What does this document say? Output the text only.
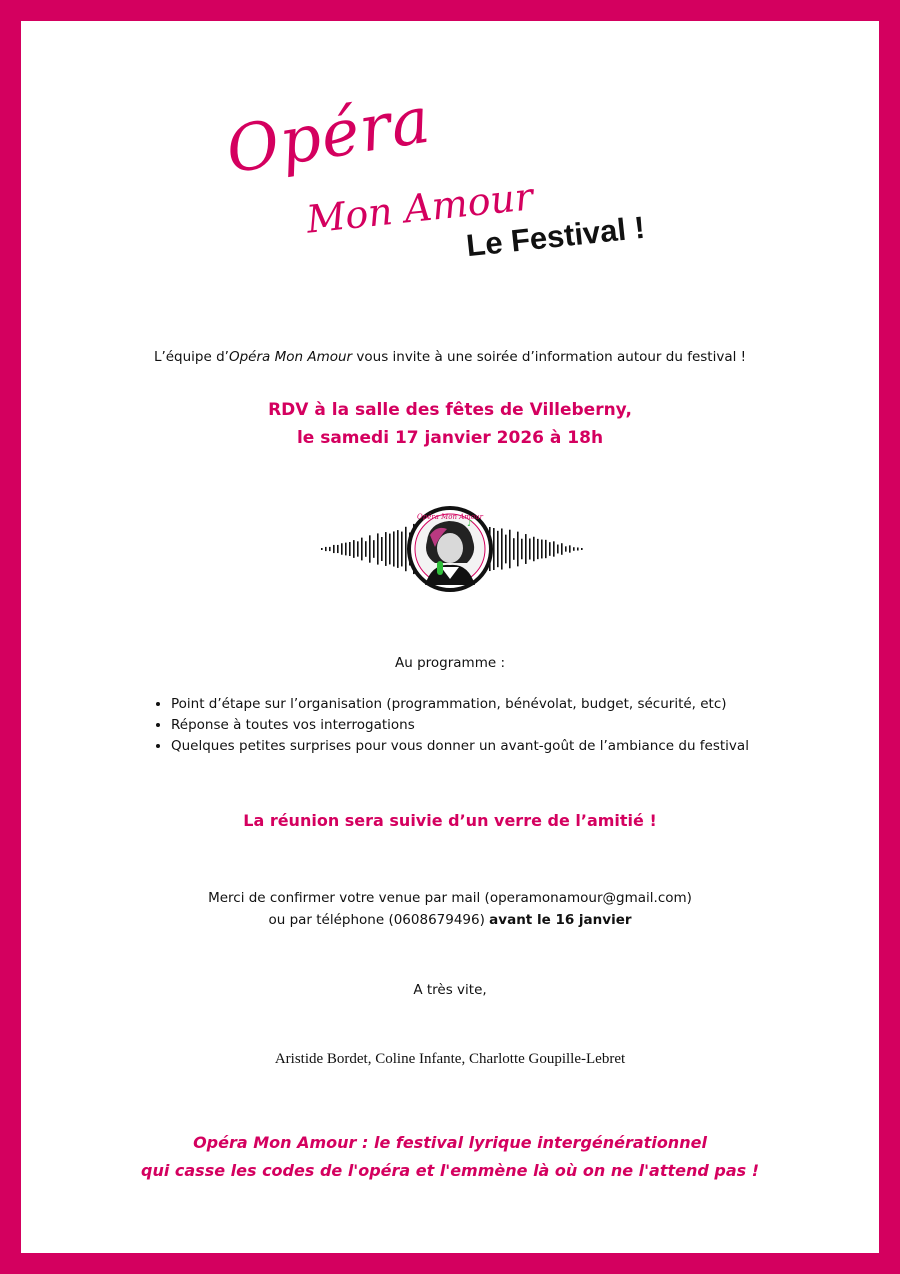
Opéra
Mon Amour
Le Festival !
L’équipe d’Opéra Mon Amour vous invite à une soirée d’information autour du festival !
RDV à la salle des fêtes de Villeberny,
le samedi 17 janvier 2026 à 18h
Opéra Mon Amour
♪
Au programme :
• Point d’étape sur l’organisation (programmation, bénévolat, budget, sécurité, etc)
• Réponse à toutes vos interrogations
• Quelques petites surprises pour vous donner un avant-goût de l’ambiance du festival
La réunion sera suivie d’un verre de l’amitié !
Merci de confirmer votre venue par mail (operamonamour@gmail.com)
ou par téléphone (0608679496) avant le 16 janvier
A très vite,
Aristide Bordet, Coline Infante, Charlotte Goupille-Lebret
Opéra Mon Amour : le festival lyrique intergénérationnel
qui casse les codes de l'opéra et l'emmène là où on ne l'attend pas !
